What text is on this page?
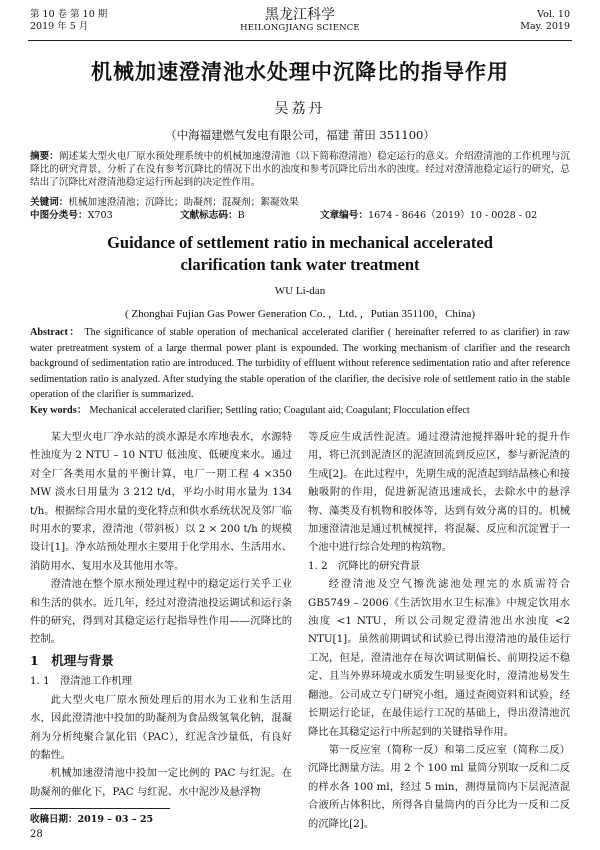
第 10 卷 第 10 期
2019 年 5 月
黑龙江科学
HEILONGJIANG SCIENCE
Vol. 10
May. 2019
机械加速澄清池水处理中沉降比的指导作用
吴荔丹
（中海福建燃气发电有限公司，福建 莆田 351100）
摘要：阐述某大型火电厂原水预处理系统中的机械加速澄清池（以下简称澄清池）稳定运行的意义。介绍澄清池的工作机理与沉降比的研究背景，分析了在没有参考沉降比的情况下出水的浊度和参考沉降比后出水的浊度。经过对澄清池稳定运行的研究，总结出了沉降比对澄清池稳定运行所起到的决定性作用。
关键词：机械加速澄清池；沉降比；助凝剂；混凝剂；絮凝效果
中图分类号：X703	文献标志码：B	文章编号：1674 - 8646（2019）10 - 0028 - 02
Guidance of settlement ratio in mechanical accelerated clarification tank water treatment
WU Li-dan
( Zhonghai Fujian Gas Power Generation Co．，Ltd．，Putian 351100，China)
Abstract： The significance of stable operation of mechanical accelerated clarifier ( hereinafter referred to as clarifier) in raw water pretreatment system of a large thermal power plant is expounded. The working mechanism of clarifier and the research background of sedimentation ratio are introduced. The turbidity of effluent without reference sedimentation ratio and after reference sedimentation ratio is analyzed. After studying the stable operation of the clarifier, the decisive role of settlement ratio in the stable operation of the clarifier is summarized.
Key words： Mechanical accelerated clarifier; Settling ratio; Coagulant aid; Coagulant; Flocculation effect

某大型火电厂净水站的淡水源是水库地表水，水源特性浊度为 2 NTU – 10 NTU 低浊度、低硬度来水。通过对全厂各类用水量的平衡计算，电厂一期工程 4 ×350 MW 淡水日用量为 3 212 t/d，平均小时用水量为 134 t/h。根据综合用水量的变化特点和供水系统状况及邻厂临时用水的要求，澄清池（带斜板）以 2 × 200 t/h 的规模设计[1]。净水站预处理水主要用于化学用水、生活用水、消防用水、复用水及其他用水等。

澄清池在整个原水预处理过程中的稳定运行关乎工业和生活的供水。近几年，经过对澄清池投运调试和运行条件的研究，得到对其稳定运行起指导性作用——沉降比的控制。

1　机理与背景
1. 1　澄清池工作机理

此大型火电厂原水预处理后的用水为工业和生活用水，因此澄清池中投加的助凝剂为食品级氢氧化钠，混凝剂为分析纯聚合氯化铝（PAC），红泥含沙量低，有良好的黏性。

机械加速澄清池中投加一定比例的 PAC 与红泥。在助凝剂的催化下，PAC 与红泥、水中泥沙及悬浮物

等反应生成活性泥渣。通过澄清池搅拌器叶轮的提升作用，将已沉到泥渣区的泥渣回流到反应区，参与新泥渣的生成[2]。在此过程中，先期生成的泥渣起到结晶核心和接触吸附的作用，促进新泥渣迅速成长，去除水中的悬浮物、藻类及有机物和胶体等，达到有效分离的目的。机械加速澄清池是通过机械搅拌，将混凝、反应和沉淀置于一个池中进行综合处理的构筑物。

1. 2　沉降比的研究背景

经澄清池及空气擦洗滤池处理完的水质需符合 GB5749 – 2006《生活饮用水卫生标准》中规定饮用水浊度 <1 NTU，所以公司规定澄清池出水浊度 <2 NTU[1]。虽然前期调试和试验已得出澄清池的最佳运行工况，但是，澄清池存在每次调试期偏长、前期投运不稳定、且当外界环境或水质发生明显变化时，澄清池易发生翻池。公司成立专门研究小组，通过查阅资料和试验，经长期运行论证，在最佳运行工况的基础上，得出澄清池沉降比在其稳定运行中所起到的关键指导作用。

第一反应室（简称一反）和第二反应室（简称二反）沉降比测量方法。用 2 个 100 ml 量筒分别取一反和二反的样水各 100 ml，经过 5 min，测得量筒内下层泥渣混合液所占体积比，所得各自量筒内的百分比为一反和二反的沉降比[2]。

收稿日期：2019 – 03 – 25
28
